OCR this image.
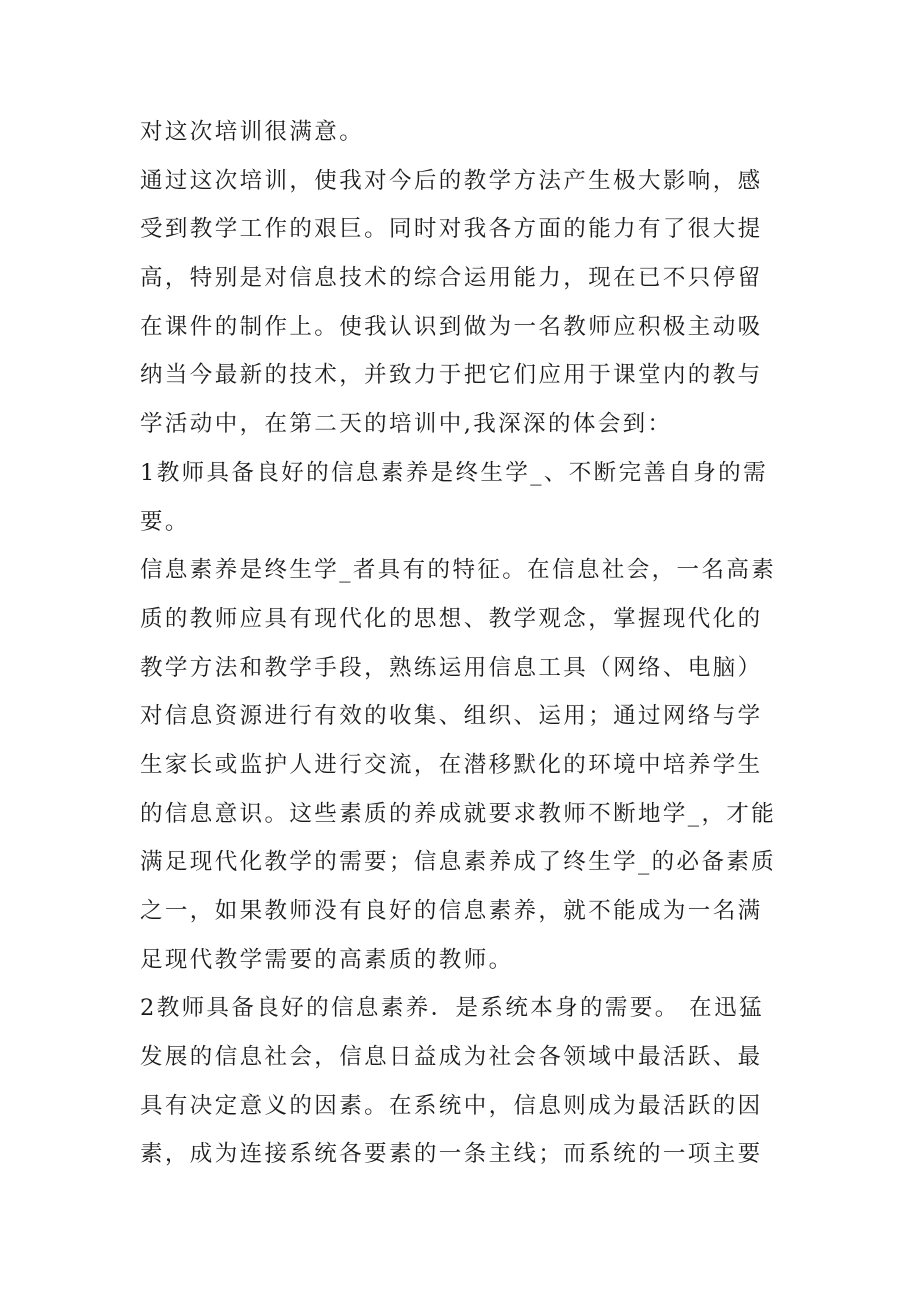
对这次培训很满意。
通过这次培训，使我对今后的教学方法产生极大影响，感
受到教学工作的艰巨。同时对我各方面的能力有了很大提
高，特别是对信息技术的综合运用能力，现在已不只停留
在课件的制作上。使我认识到做为一名教师应积极主动吸
纳当今最新的技术，并致力于把它们应用于课堂内的教与
学活动中，在第二天的培训中,我深深的体会到：
1教师具备良好的信息素养是终生学_、不断完善自身的需
要。
信息素养是终生学_者具有的特征。在信息社会，一名高素
质的教师应具有现代化的思想、教学观念，掌握现代化的
教学方法和教学手段，熟练运用信息工具（网络、电脑）
对信息资源进行有效的收集、组织、运用；通过网络与学
生家长或监护人进行交流，在潜移默化的环境中培养学生
的信息意识。这些素质的养成就要求教师不断地学_，才能
满足现代化教学的需要；信息素养成了终生学_的必备素质
之一，如果教师没有良好的信息素养，就不能成为一名满
足现代教学需要的高素质的教师。
2教师具备良好的信息素养．是系统本身的需要。 在迅猛
发展的信息社会，信息日益成为社会各领域中最活跃、最
具有决定意义的因素。在系统中，信息则成为最活跃的因
素，成为连接系统各要素的一条主线；而系统的一项主要
